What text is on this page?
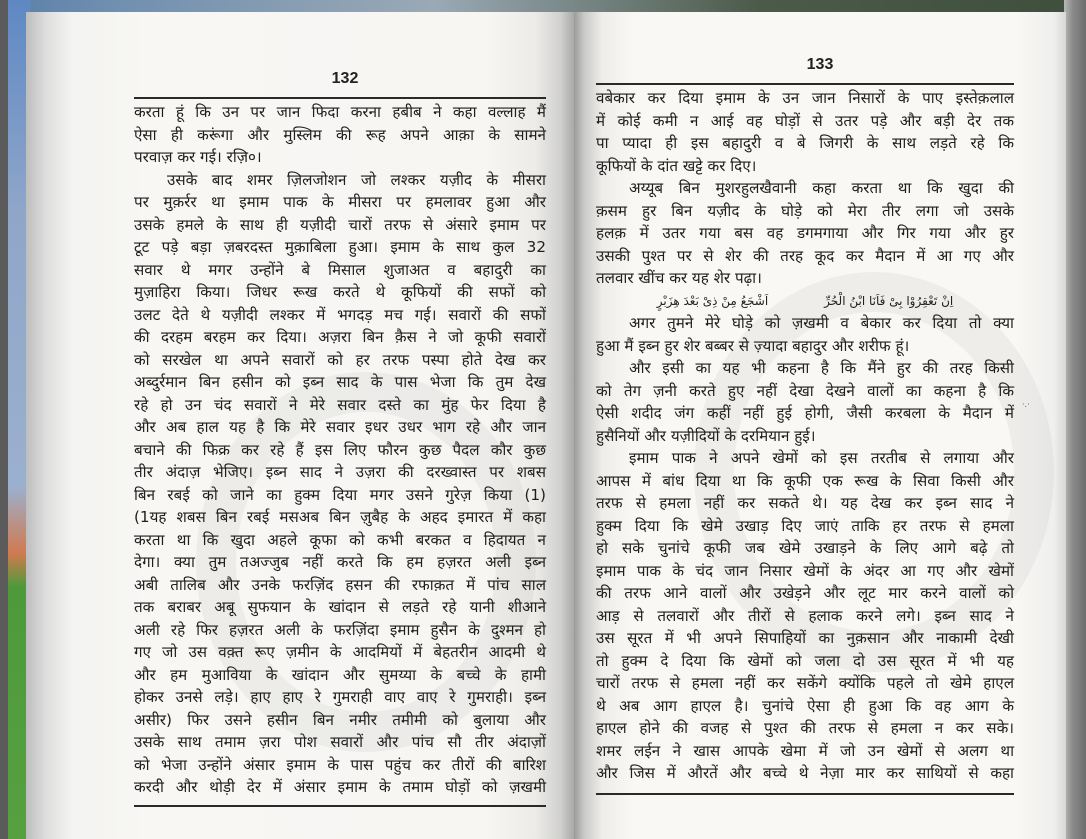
132
करता हूं कि उन पर जान फिदा करना हबीब ने कहा वल्लाह मैं
ऐसा ही करूंगा और मुस्लिम की रूह अपने आक़ा के सामने
परवाज़ कर गई। रज़ि०।
उसके बाद शमर ज़िलजोशन जो लश्कर यज़ीद के मीसरा
पर मुक़र्रर था इमाम पाक के मीसरा पर हमलावर हुआ और
उसके हमले के साथ ही यज़ीदी चारों तरफ से अंसारे इमाम पर
टूट पड़े बड़ा ज़बरदस्त मुक़ाबिला हुआ। इमाम के साथ कुल 32
सवार थे मगर उन्होंने बे मिसाल शुजाअत व बहादुरी का
मुज़ाहिरा किया। जिधर रूख करते थे कूफियों की सफों को
उलट देते थे यज़ीदी लश्कर में भगदड़ मच गई। सवारों की सफों
की दरहम बरहम कर दिया। अज़रा बिन क़ैस ने जो कूफी सवारों
को सरखेल था अपने सवारों को हर तरफ पस्पा होते देख कर
अब्दुर्रमान बिन हसीन को इब्न साद के पास भेजा कि तुम देख
रहे हो उन चंद सवारों ने मेरे सवार दस्ते का मुंह फेर दिया है
और अब हाल यह है कि मेरे सवार इधर उधर भाग रहे और जान
बचाने की फिक्र कर रहे हैं इस लिए फौरन कुछ पैदल कौर कुछ
तीर अंदाज़ भेजिए। इब्न साद ने उज़रा की दरख्वास्त पर शबस
बिन रबई को जाने का हुक्म दिया मगर उसने गुरेज़ किया (1)
(1यह शबस बिन रबई मसअब बिन ज़ुबैह के अहद इमारत में कहा
करता था कि खुदा अहले कूफा को कभी बरकत व हिदायत न
देगा। क्या तुम तअज्जुब नहीं करते कि हम हज़रत अली इब्न
अबी तालिब और उनके फरज़िंद हसन की रफाक़त में पांच साल
तक बराबर अबू सुफयान के खांदान से लड़ते रहे यानी शीआने
अली रहे फिर हज़रत अली के फरज़िंदा इमाम हुसैन के दुश्मन हो
गए जो उस वक़्त रूए ज़मीन के आदमियों में बेहतरीन आदमी थे
और हम मुआविया के खांदान और सुमय्या के बच्चे के हामी
होकर उनसे लड़े। हाए हाए रे गुमराही वाए वाए रे गुमराही। इब्न
असीर) फिर उसने हसीन बिन नमीर तमीमी को बुलाया और
उसके साथ तमाम ज़रा पोश सवारों और पांच सौ तीर अंदाज़ों
को भेजा उन्होंने अंसार इमाम के पास पहुंच कर तीरों की बारिश
करदी और थोड़ी देर में अंसार इमाम के तमाम घोड़ों को ज़खमी
133
वबेकार कर दिया इमाम के उन जान निसारों के पाए इस्तेक़लाल
में कोई कमी न आई वह घोड़ों से उतर पड़े और बड़ी देर तक
पा प्यादा ही इस बहादुरी व बे जिगरी के साथ लड़ते रहे कि
कूफियों के दांत खट्टे कर दिए।
अय्यूब बिन मुशरहुलखैवानी कहा करता था कि खुदा की
क़सम हुर बिन यज़ीद के घोड़े को मेरा तीर लगा जो उसके
हलक़ में उतर गया बस वह डगमगाया और गिर गया और हुर
उसकी पुश्त पर से शेर की तरह कूद कर मैदान में आ गए और
तलवार खींच कर यह शेर पढ़ा।
اِنْ تَعْقِرُوْا بِیْ فَاَنَا ابْنُ الْحُرِّ
اَشْجَعُ مِنْ ذِیْ بَعْدَ هِزَبْرٍ
अगर तुमने मेरे घोड़े को ज़खमी व बेकार कर दिया तो क्या
हुआ मैं इब्न हुर शेर बब्बर से ज़्यादा बहादुर और शरीफ हूं।
और इसी का यह भी कहना है कि मैंने हुर की तरह किसी
को तेग ज़नी करते हुए नहीं देखा देखने वालों का कहना है कि
ऐसी शदीद जंग कहीं नहीं हुई होगी, जैसी करबला के मैदान में
हुसैनियों और यज़ीदियों के दरमियान हुई।
इमाम पाक ने अपने खेमों को इस तरतीब से लगाया और
आपस में बांध दिया था कि कूफी एक रूख के सिवा किसी और
तरफ से हमला नहीं कर सकते थे। यह देख कर इब्न साद ने
हुक्म दिया कि खेमे उखाड़ दिए जाएं ताकि हर तरफ से हमला
हो सके चुनांचे कूफी जब खेमे उखाड़ने के लिए आगे बढ़े तो
इमाम पाक के चंद जान निसार खेमों के अंदर आ गए और खेमों
की तरफ आने वालों और उखेड़ने और लूट मार करने वालों को
आड़ से तलवारों और तीरों से हलाक करने लगे। इब्न साद ने
उस सूरत में भी अपने सिपाहियों का नुक़सान और नाकामी देखी
तो हुक्म दे दिया कि खेमों को जला दो उस सूरत में भी यह
चारों तरफ से हमला नहीं कर सकेंगे क्योंकि पहले तो खेमे हाएल
थे अब आग हाएल है। चुनांचे ऐसा ही हुआ कि वह आग के
हाएल होने की वजह से पुश्त की तरफ से हमला न कर सके।
शमर लईन ने खास आपके खेमा में जो उन खेमों से अलग था
और जिस में औरतें और बच्चे थे नेज़ा मार कर साथियों से कहा
·.·
